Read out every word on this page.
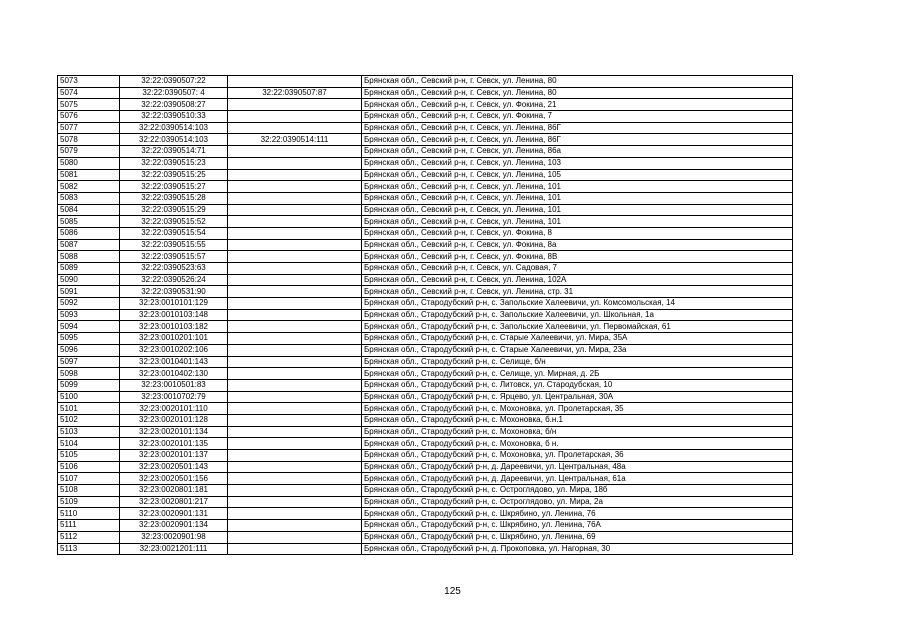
5073	32:22:0390507:22		Брянская обл., Севский р-н, г. Севск, ул. Ленина, 80
5074	32:22:0390507: 4	32:22:0390507:87	Брянская обл., Севский р-н, г. Севск, ул. Ленина, 80
5075	32:22:0390508:27		Брянская обл., Севский р-н, г. Севск, ул. Фокина, 21
5076	32:22:0390510:33		Брянская обл., Севский р-н, г. Севск, ул. Фокина, 7
5077	32:22:0390514:103		Брянская обл., Севский р-н, г. Севск, ул. Ленина, 86Г
5078	32:22:0390514:103	32:22:0390514:111	Брянская обл., Севский р-н, г. Севск, ул. Ленина, 86Г
5079	32:22:0390514:71		Брянская обл., Севский р-н, г. Севск, ул. Ленина, 86а
5080	32:22:0390515:23		Брянская обл., Севский р-н, г. Севск, ул. Ленина, 103
5081	32:22:0390515:25		Брянская обл., Севский р-н, г. Севск, ул. Ленина, 105
5082	32:22:0390515:27		Брянская обл., Севский р-н, г. Севск, ул. Ленина, 101
5083	32:22:0390515:28		Брянская обл., Севский р-н, г. Севск, ул. Ленина, 101
5084	32:22:0390515:29		Брянская обл., Севский р-н, г. Севск, ул. Ленина, 101
5085	32:22:0390515:52		Брянская обл., Севский р-н, г. Севск, ул. Ленина, 101
5086	32:22:0390515:54		Брянская обл., Севский р-н, г. Севск, ул. Фокина, 8
5087	32:22:0390515:55		Брянская обл., Севский р-н, г. Севск, ул. Фокина, 8а
5088	32:22:0390515:57		Брянская обл., Севский р-н, г. Севск, ул. Фокина, 8В
5089	32:22:0390523:63		Брянская обл., Севский р-н, г. Севск, ул. Садовая, 7
5090	32:22:0390526:24		Брянская обл., Севский р-н, г. Севск, ул. Ленина, 102А
5091	32:22:0390531:90		Брянская обл., Севский р-н, г. Севск, ул. Ленина, стр. 31
5092	32:23:0010101:129		Брянская обл., Стародубский р-н, с. Запольские Халеевичи, ул. Комсомольская, 14
5093	32:23:0010103:148		Брянская обл., Стародубский р-н, с. Запольские Халеевичи, ул. Школьная, 1а
5094	32:23:0010103:182		Брянская обл., Стародубский р-н, с. Запольские Халеевичи, ул. Первомайская, 61
5095	32:23:0010201:101		Брянская обл., Стародубский р-н, с. Старые Халеевичи, ул. Мира, 35А
5096	32:23:0010202:106		Брянская обл., Стародубский р-н, с. Старые Халеевичи, ул. Мира, 23а
5097	32:23:0010401:143		Брянская обл., Стародубский р-н, с. Селище, б/н
5098	32:23:0010402:130		Брянская обл., Стародубский р-н, с. Селище, ул. Мирная, д. 2Б
5099	32:23:0010501:83		Брянская обл., Стародубский р-н, с. Литовск, ул. Стародубская, 10
5100	32:23:0010702:79		Брянская обл., Стародубский р-н, с. Ярцево, ул. Центральная, 30А
5101	32:23:0020101:110		Брянская обл., Стародубский р-н, с. Мохоновка, ул. Пролетарская, 35
5102	32:23:0020101:128		Брянская обл., Стародубский р-н, с. Мохоновка, б.н.1
5103	32:23:0020101:134		Брянская обл., Стародубский р-н, с. Мохоновка, б/н
5104	32:23:0020101:135		Брянская обл., Стародубский р-н, с. Мохоновка, б н.
5105	32:23:0020101:137		Брянская обл., Стародубский р-н, с. Мохоновка, ул. Пролетарская, 36
5106	32:23:0020501:143		Брянская обл., Стародубский р-н, д. Дареевичи, ул. Центральная, 48а
5107	32:23:0020501:156		Брянская обл., Стародубский р-н, д. Дареевичи, ул. Центральная, 61а
5108	32:23:0020801:181		Брянская обл., Стародубский р-н, с. Остроглядово, ул. Мира, 18б
5109	32:23:0020801:217		Брянская обл., Стародубский р-н, с. Остроглядово, ул. Мира, 2а
5110	32:23:0020901:131		Брянская обл., Стародубский р-н, с. Шкрябино, ул. Ленина, 76
5111	32:23:0020901:134		Брянская обл., Стародубский р-н, с. Шкрябино, ул. Ленина, 76А
5112	32:23:0020901:98		Брянская обл., Стародубский р-н, с. Шкрябино, ул. Ленина, 69
5113	32:23:0021201:111		Брянская обл., Стародубский р-н, д. Прокоповка, ул. Нагорная, 30
125
